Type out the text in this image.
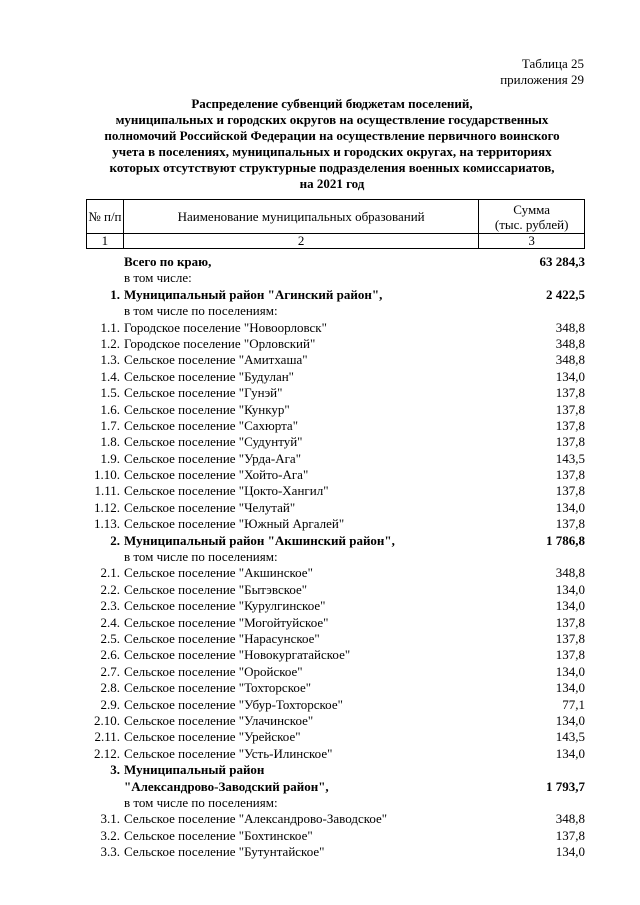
Таблица 25
приложения 29
Распределение субвенций бюджетам поселений,
муниципальных и городских округов на осуществление государственных
полномочий Российской Федерации на осуществление первичного воинского
учета в поселениях, муниципальных и городских округах, на территориях
которых отсутствуют структурные подразделения военных комиссариатов,
на 2021 год
№ п/п	Наименование муниципальных образований	Сумма
(тыс. рублей)

1	2	3
Всего по краю,	63 284,3
в том числе:
1. Муниципальный район "Агинский район",	2 422,5
в том числе по поселениям:
1.1. Городское поселение "Новоорловск"	348,8
1.2. Городское поселение "Орловский"	348,8
1.3. Сельское поселение "Амитхаша"	348,8
1.4. Сельское поселение "Будулан"	134,0
1.5. Сельское поселение "Гунэй"	137,8
1.6. Сельское поселение "Кункур"	137,8
1.7. Сельское поселение "Сахюрта"	137,8
1.8. Сельское поселение "Судунтуй"	137,8
1.9. Сельское поселение "Урда-Ага"	143,5
1.10. Сельское поселение "Хойто-Ага"	137,8
1.11. Сельское поселение "Цокто-Хангил"	137,8
1.12. Сельское поселение "Челутай"	134,0
1.13. Сельское поселение "Южный Аргалей"	137,8
2. Муниципальный район "Акшинский район",	1 786,8
в том числе по поселениям:
2.1. Сельское поселение "Акшинское"	348,8
2.2. Сельское поселение "Бытэвское"	134,0
2.3. Сельское поселение "Курулгинское"	134,0
2.4. Сельское поселение "Могойтуйское"	137,8
2.5. Сельское поселение "Нарасунское"	137,8
2.6. Сельское поселение "Новокургатайское"	137,8
2.7. Сельское поселение "Оройское"	134,0
2.8. Сельское поселение "Тохторское"	134,0
2.9. Сельское поселение "Убур-Тохторское"	77,1
2.10. Сельское поселение "Улачинское"	134,0
2.11. Сельское поселение "Урейское"	143,5
2.12. Сельское поселение "Усть-Илинское"	134,0
3. Муниципальный район
"Александрово-Заводский район",	1 793,7
в том числе по поселениям:
3.1. Сельское поселение "Александрово-Заводское"	348,8
3.2. Сельское поселение "Бохтинское"	137,8
3.3. Сельское поселение "Бутунтайское"	134,0
